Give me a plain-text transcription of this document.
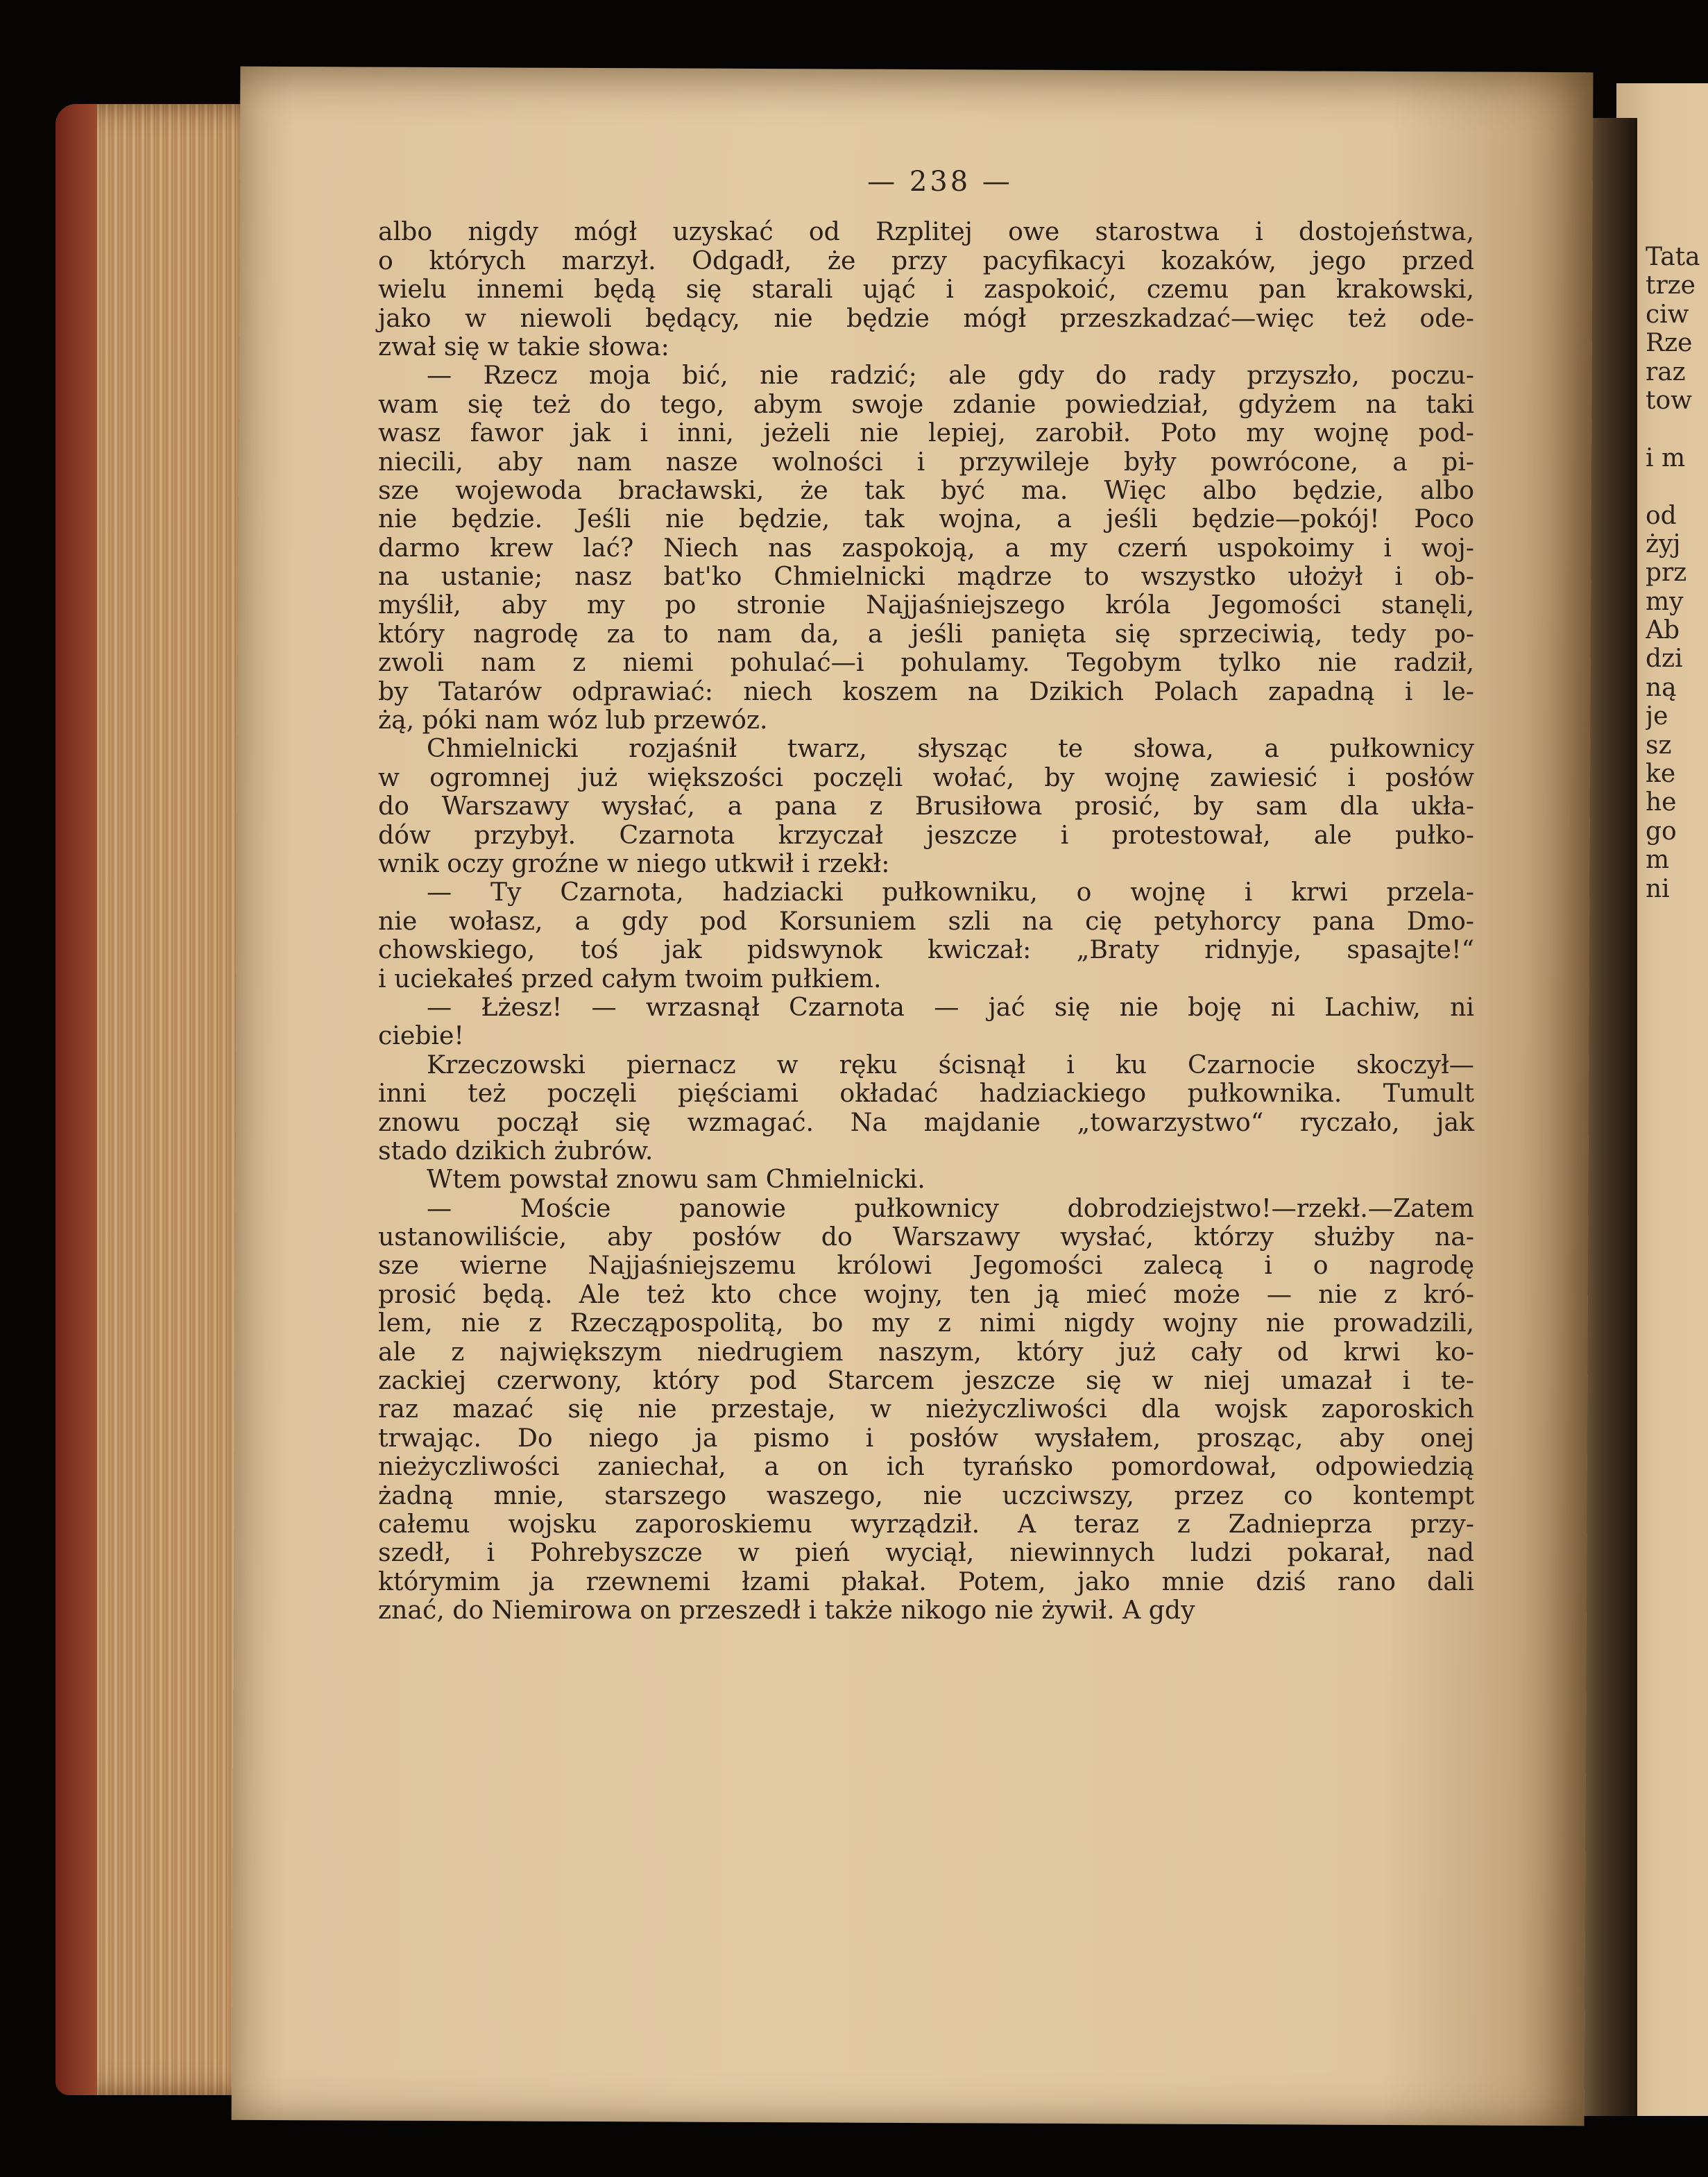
— 238 —
albo nigdy mógł uzyskać od Rzplitej owe starostwa i dostojeństwa,
o których marzył. Odgadł, że przy pacyfikacyi kozaków, jego przed
wielu innemi będą się starali ująć i zaspokoić, czemu pan krakowski,
jako w niewoli będący, nie będzie mógł przeszkadzać—więc też ode-
zwał się w takie słowa:
— Rzecz moja bić, nie radzić; ale gdy do rady przyszło, poczu-
wam się też do tego, abym swoje zdanie powiedział, gdyżem na taki
wasz fawor jak i inni, jeżeli nie lepiej, zarobił. Poto my wojnę pod-
niecili, aby nam nasze wolności i przywileje były powrócone, a pi-
sze wojewoda bracławski, że tak być ma. Więc albo będzie, albo
nie będzie. Jeśli nie będzie, tak wojna, a jeśli będzie—pokój! Poco
darmo krew lać? Niech nas zaspokoją, a my czerń uspokoimy i woj-
na ustanie; nasz bat'ko Chmielnicki mądrze to wszystko ułożył i ob-
myślił, aby my po stronie Najjaśniejszego króla Jegomości stanęli,
który nagrodę za to nam da, a jeśli panięta się sprzeciwią, tedy po-
zwoli nam z niemi pohulać—i pohulamy. Tegobym tylko nie radził,
by Tatarów odprawiać: niech koszem na Dzikich Polach zapadną i le-
żą, póki nam wóz lub przewóz.
Chmielnicki rozjaśnił twarz, słysząc te słowa, a pułkownicy
w ogromnej już większości poczęli wołać, by wojnę zawiesić i posłów
do Warszawy wysłać, a pana z Brusiłowa prosić, by sam dla ukła-
dów przybył. Czarnota krzyczał jeszcze i protestował, ale pułko-
wnik oczy groźne w niego utkwił i rzekł:
— Ty Czarnota, hadziacki pułkowniku, o wojnę i krwi przela-
nie wołasz, a gdy pod Korsuniem szli na cię petyhorcy pana Dmo-
chowskiego, toś jak pidswynok kwiczał: „Braty ridnyje, spasajte!“
i uciekałeś przed całym twoim pułkiem.
— Łżesz! — wrzasnął Czarnota — jać się nie boję ni Lachiw, ni
ciebie!
Krzeczowski piernacz w ręku ścisnął i ku Czarnocie skoczył—
inni też poczęli pięściami okładać hadziackiego pułkownika. Tumult
znowu począł się wzmagać. Na majdanie „towarzystwo“ ryczało, jak
stado dzikich żubrów.
Wtem powstał znowu sam Chmielnicki.
— Moście panowie pułkownicy dobrodziejstwo!—rzekł.—Zatem
ustanowiliście, aby posłów do Warszawy wysłać, którzy służby na-
sze wierne Najjaśniejszemu królowi Jegomości zalecą i o nagrodę
prosić będą. Ale też kto chce wojny, ten ją mieć może — nie z kró-
lem, nie z Rzecząpospolitą, bo my z nimi nigdy wojny nie prowadzili,
ale z największym niedrugiem naszym, który już cały od krwi ko-
zackiej czerwony, który pod Starcem jeszcze się w niej umazał i te-
raz mazać się nie przestaje, w nieżyczliwości dla wojsk zaporoskich
trwając. Do niego ja pismo i posłów wysłałem, prosząc, aby onej
nieżyczliwości zaniechał, a on ich tyrańsko pomordował, odpowiedzią
żadną mnie, starszego waszego, nie uczciwszy, przez co kontempt
całemu wojsku zaporoskiemu wyrządził. A teraz z Zadnieprza przy-
szedł, i Pohrebyszcze w pień wyciął, niewinnych ludzi pokarał, nad
którymim ja rzewnemi łzami płakał. Potem, jako mnie dziś rano dali
znać, do Niemirowa on przeszedł i także nikogo nie żywił. A gdy
Tata
trze
ciw
Rze
raz
tow
i m
od
żyj
prz
my
Ab
dzi
ną
je
sz
ke
he
go
m
ni
